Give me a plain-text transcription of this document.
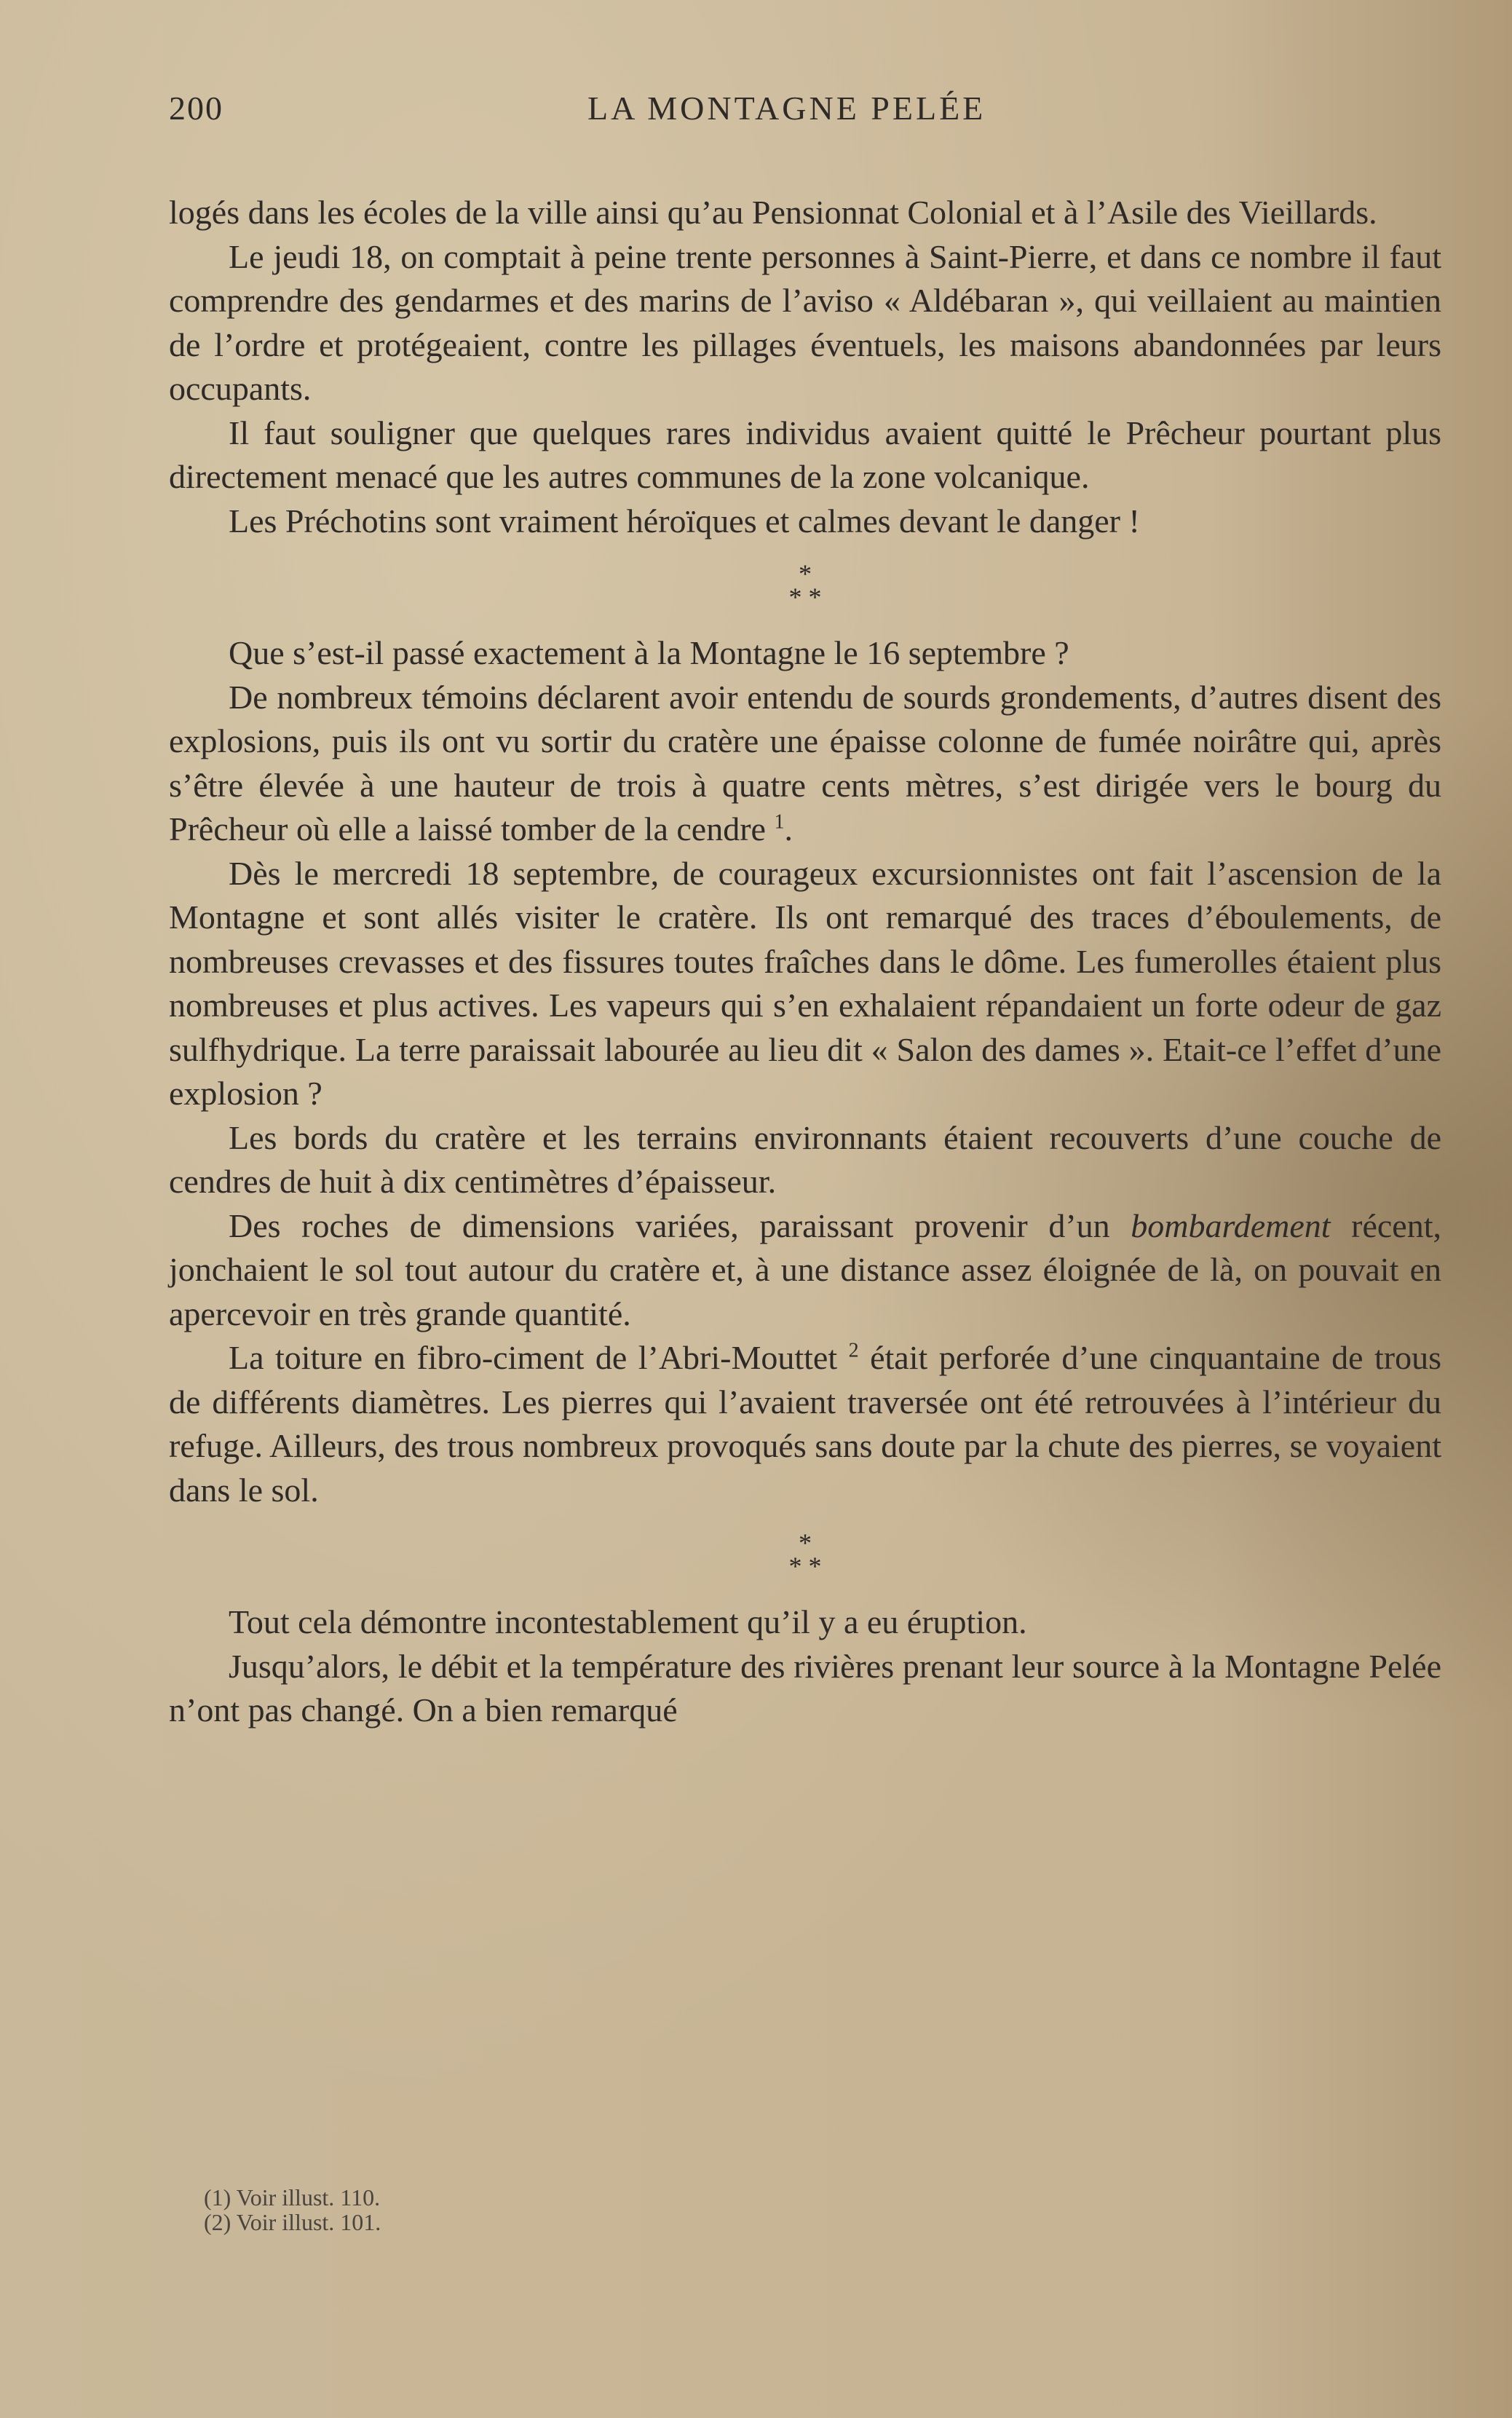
200	LA MONTAGNE PELÉE

logés dans les écoles de la ville ainsi qu’au Pensionnat Colonial et à l’Asile des Vieillards.

Le jeudi 18, on comptait à peine trente personnes à Saint-Pierre, et dans ce nombre il faut comprendre des gendarmes et des marins de l’aviso « Aldébaran », qui veillaient au maintien de l’ordre et protégeaient, contre les pillages éventuels, les maisons abandonnées par leurs occupants.

Il faut souligner que quelques rares individus avaient quitté le Prêcheur pourtant plus directement menacé que les autres communes de la zone volcanique.

Les Préchotins sont vraiment héroïques et calmes devant le danger !

*
* *

Que s’est-il passé exactement à la Montagne le 16 septembre ?

De nombreux témoins déclarent avoir entendu de sourds grondements, d’autres disent des explosions, puis ils ont vu sortir du cratère une épaisse colonne de fumée noirâtre qui, après s’être élevée à une hauteur de trois à quatre cents mètres, s’est dirigée vers le bourg du Prêcheur où elle a laissé tomber de la cendre $^1$.

Dès le mercredi 18 septembre, de courageux excursionnistes ont fait l’ascension de la Montagne et sont allés visiter le cratère. Ils ont remarqué des traces d’éboulements, de nombreuses crevasses et des fissures toutes fraîches dans le dôme. Les fumerolles étaient plus nombreuses et plus actives. Les vapeurs qui s’en exhalaient répandaient un forte odeur de gaz sulfhydrique. La terre paraissait labourée au lieu dit « Salon des dames ». Etait-ce l’effet d’une explosion ?

Les bords du cratère et les terrains environnants étaient recouverts d’une couche de cendres de huit à dix centimètres d’épaisseur.

Des roches de dimensions variées, paraissant provenir d’un bombardement récent, jonchaient le sol tout autour du cratère et, à une distance assez éloignée de là, on pouvait en apercevoir en très grande quantité.

La toiture en fibro-ciment de l’Abri-Mouttet $^2$ était perforée d’une cinquantaine de trous de différents diamètres. Les pierres qui l’avaient traversée ont été retrouvées à l’intérieur du refuge. Ailleurs, des trous nombreux provoqués sans doute par la chute des pierres, se voyaient dans le sol.

*
* *

Tout cela démontre incontestablement qu’il y a eu éruption.

Jusqu’alors, le débit et la température des rivières prenant leur source à la Montagne Pelée n’ont pas changé. On a bien remarqué

(1) Voir illust. 110.
(2) Voir illust. 101.
